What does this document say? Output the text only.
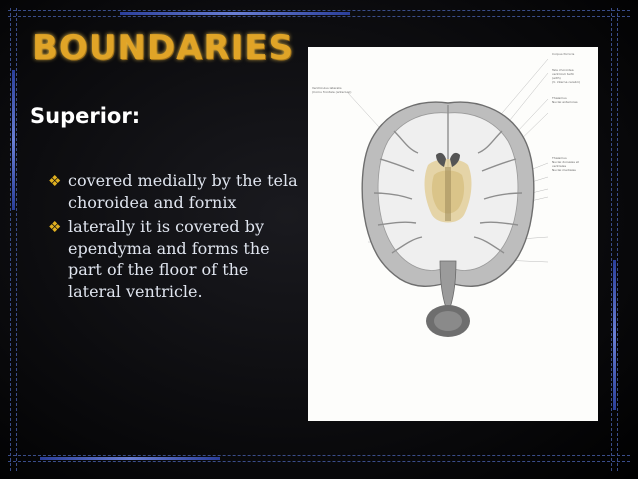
BOUNDARIES
Superior:
❖ covered medially by the tela choroidea and fornix
❖ laterally it is covered by ependyma and forms the part of the floor of the lateral ventricle.
Ventriculus lateralis
(Cornu frontale (anterius))
Corpus fornicis
Tela choroidea
ventriculi tertii
(with)
(V. interna cerebri)
Thalamus
Nuclei anteriores
Thalamus
Nuclei dorsales et
ventrales
Nuclei mediales
